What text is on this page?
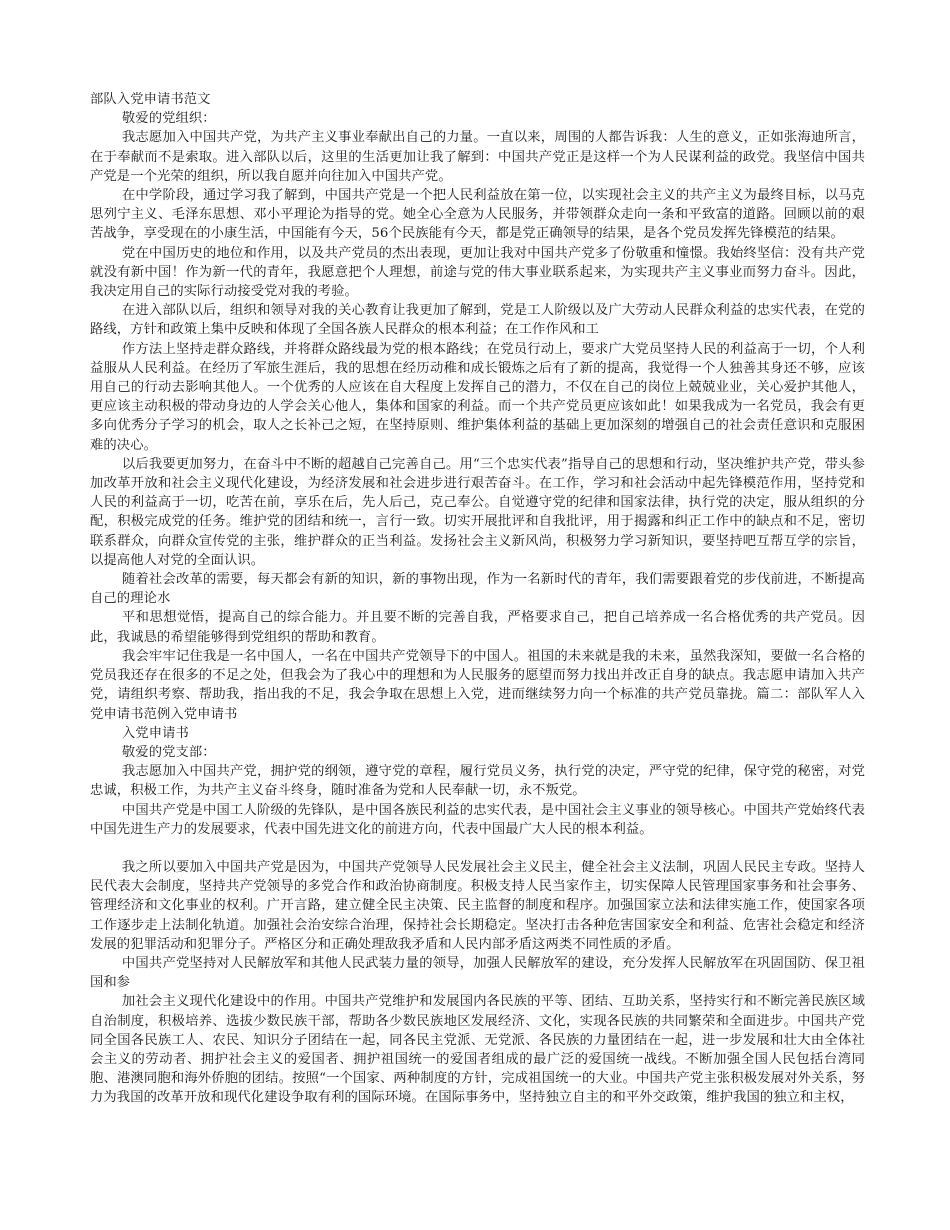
部队入党申请书范文

敬爱的党组织：

我志愿加入中国共产党，为共产主义事业奉献出自己的力量。一直以来，周围的人都告诉我：人生的意义，正如张海迪所言，在于奉献而不是索取。进入部队以后，这里的生活更加让我了解到：中国共产党正是这样一个为人民谋利益的政党。我坚信中国共产党是一个光荣的组织，所以我自愿并向往加入中国共产党。

在中学阶段，通过学习我了解到，中国共产党是一个把人民利益放在第一位，以实现社会主义的共产主义为最终目标，以马克思列宁主义、毛泽东思想、邓小平理论为指导的党。她全心全意为人民服务，并带领群众走向一条和平致富的道路。回顾以前的艰苦战争，享受现在的小康生活，中国能有今天，56个民族能有今天，都是党正确领导的结果，是各个党员发挥先锋模范的结果。

党在中国历史的地位和作用，以及共产党员的杰出表现，更加让我对中国共产党多了份敬重和憧憬。我始终坚信：没有共产党就没有新中国！作为新一代的青年，我愿意把个人理想，前途与党的伟大事业联系起来，为实现共产主义事业而努力奋斗。因此，我决定用自己的实际行动接受党对我的考验。

在进入部队以后，组织和领导对我的关心教育让我更加了解到，党是工人阶级以及广大劳动人民群众利益的忠实代表，在党的路线，方针和政策上集中反映和体现了全国各族人民群众的根本利益；在工作作风和工

作方法上坚持走群众路线，并将群众路线最为党的根本路线；在党员行动上，要求广大党员坚持人民的利益高于一切，个人利益服从人民利益。在经历了军旅生涯后，我的思想在经历动稚和成长锻炼之后有了新的提高，我觉得一个人独善其身还不够，应该用自己的行动去影响其他人。一个优秀的人应该在自大程度上发挥自己的潜力，不仅在自己的岗位上兢兢业业，关心爱护其他人，更应该主动积极的带动身边的人学会关心他人，集体和国家的利益。而一个共产党员更应该如此！如果我成为一名党员，我会有更多向优秀分子学习的机会，取人之长补己之短，在坚持原则、维护集体利益的基础上更加深刻的增强自己的社会责任意识和克服困难的决心。

以后我要更加努力，在奋斗中不断的超越自己完善自己。用“三个忠实代表”指导自己的思想和行动，坚决维护共产党，带头参加改革开放和社会主义现代化建设，为经济发展和社会进步进行艰苦奋斗。在工作，学习和社会活动中起先锋模范作用，坚持党和人民的利益高于一切，吃苦在前，享乐在后，先人后己，克己奉公。自觉遵守党的纪律和国家法律，执行党的决定，服从组织的分配，积极完成党的任务。维护党的团结和统一，言行一致。切实开展批评和自我批评，用于揭露和纠正工作中的缺点和不足，密切联系群众，向群众宣传党的主张，维护群众的正当利益。发扬社会主义新风尚，积极努力学习新知识，要坚持吧互帮互学的宗旨，以提高他人对党的全面认识。

随着社会改革的需要，每天都会有新的知识，新的事物出现，作为一名新时代的青年，我们需要跟着党的步伐前进，不断提高自己的理论水

平和思想觉悟，提高自己的综合能力。并且要不断的完善自我，严格要求自己，把自己培养成一名合格优秀的共产党员。因此，我诚恳的希望能够得到党组织的帮助和教育。

我会牢牢记住我是一名中国人，一名在中国共产党领导下的中国人。祖国的未来就是我的未来，虽然我深知，要做一名合格的党员我还存在很多的不足之处，但我会为了我心中的理想和为人民服务的愿望而努力找出并改正自身的缺点。我志愿申请加入共产党，请组织考察、帮助我，指出我的不足，我会争取在思想上入党，进而继续努力向一个标准的共产党员靠拢。篇二：部队军人入党申请书范例入党申请书

入党申请书

敬爱的党支部：

我志愿加入中国共产党，拥护党的纲领，遵守党的章程，履行党员义务，执行党的决定，严守党的纪律，保守党的秘密，对党忠诚，积极工作，为共产主义奋斗终身，随时准备为党和人民奉献一切，永不叛党。

中国共产党是中国工人阶级的先锋队，是中国各族民利益的忠实代表，是中国社会主义事业的领导核心。中国共产党始终代表中国先进生产力的发展要求，代表中国先进文化的前进方向，代表中国最广大人民的根本利益。

我之所以要加入中国共产党是因为，中国共产党领导人民发展社会主义民主，健全社会主义法制，巩固人民民主专政。坚持人民代表大会制度，坚持共产党领导的多党合作和政治协商制度。积极支持人民当家作主，切实保障人民管理国家事务和社会事务、管理经济和文化事业的权利。广开言路，建立健全民主决策、民主监督的制度和程序。加强国家立法和法律实施工作，使国家各项工作逐步走上法制化轨道。加强社会治安综合治理，保持社会长期稳定。坚决打击各种危害国家安全和利益、危害社会稳定和经济发展的犯罪活动和犯罪分子。严格区分和正确处理敌我矛盾和人民内部矛盾这两类不同性质的矛盾。

中国共产党坚持对人民解放军和其他人民武装力量的领导，加强人民解放军的建设，充分发挥人民解放军在巩固国防、保卫祖国和参

加社会主义现代化建设中的作用。中国共产党维护和发展国内各民族的平等、团结、互助关系，坚持实行和不断完善民族区域自治制度，积极培养、选拔少数民族干部，帮助各少数民族地区发展经济、文化，实现各民族的共同繁荣和全面进步。中国共产党同全国各民族工人、农民、知识分子团结在一起，同各民主党派、无党派、各民族的力量团结在一起，进一步发展和壮大由全体社会主义的劳动者、拥护社会主义的爱国者、拥护祖国统一的爱国者组成的最广泛的爱国统一战线。不断加强全国人民包括台湾同胞、港澳同胞和海外侨胞的团结。按照“一个国家、两种制度的方针，完成祖国统一的大业。中国共产党主张积极发展对外关系，努力为我国的改革开放和现代化建设争取有利的国际环境。在国际事务中，坚持独立自主的和平外交政策，维护我国的独立和主权，
